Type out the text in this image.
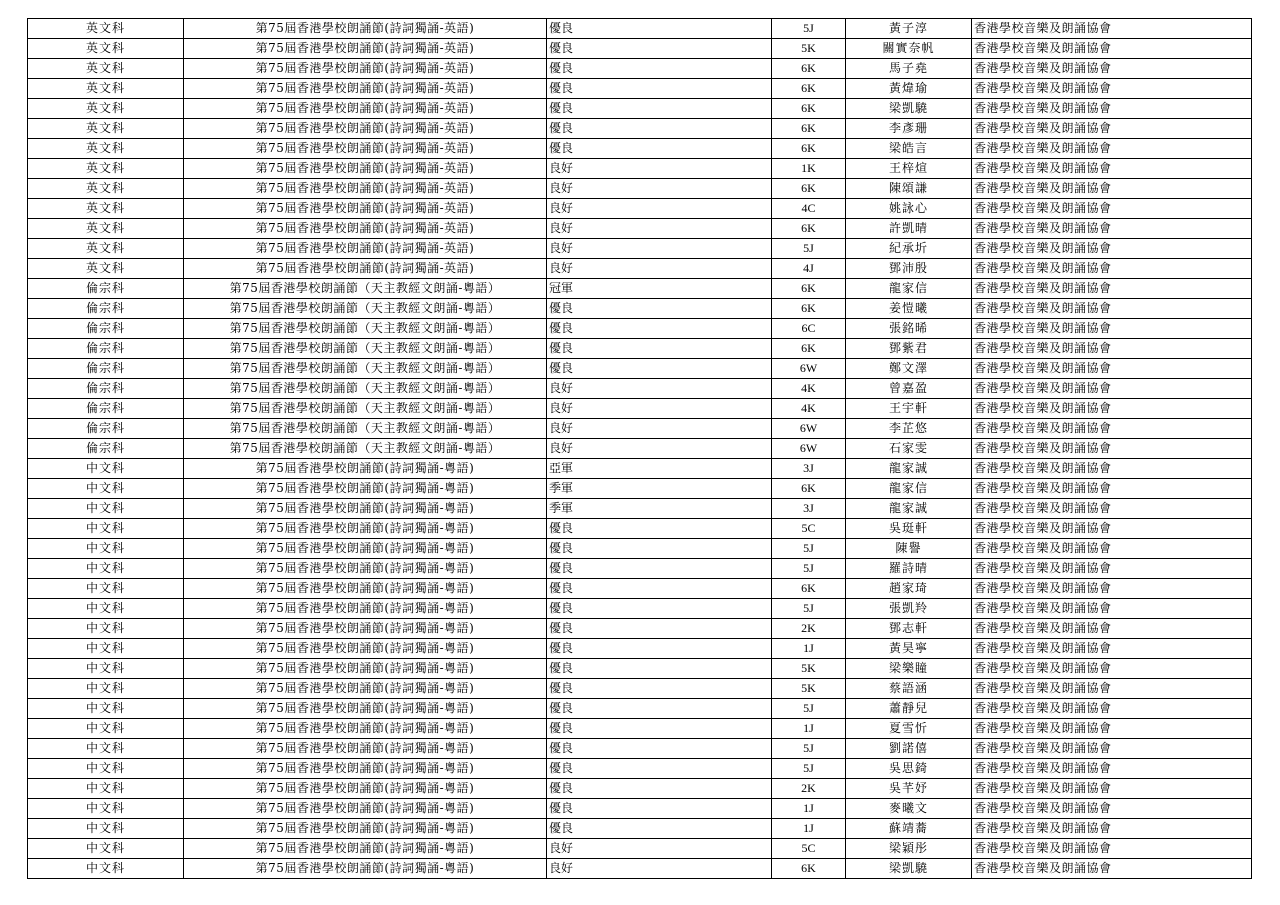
英文科	第75屆香港學校朗誦節(詩詞獨誦-英語)	優良	5J	黃子淳	香港學校音樂及朗誦協會
英文科	第75屆香港學校朗誦節(詩詞獨誦-英語)	優良	5K	關實奈帆	香港學校音樂及朗誦協會
英文科	第75屆香港學校朗誦節(詩詞獨誦-英語)	優良	6K	馬子堯	香港學校音樂及朗誦協會
英文科	第75屆香港學校朗誦節(詩詞獨誦-英語)	優良	6K	黃煒瑜	香港學校音樂及朗誦協會
英文科	第75屆香港學校朗誦節(詩詞獨誦-英語)	優良	6K	梁凱驍	香港學校音樂及朗誦協會
英文科	第75屆香港學校朗誦節(詩詞獨誦-英語)	優良	6K	李彥珊	香港學校音樂及朗誦協會
英文科	第75屆香港學校朗誦節(詩詞獨誦-英語)	優良	6K	梁皓言	香港學校音樂及朗誦協會
英文科	第75屆香港學校朗誦節(詩詞獨誦-英語)	良好	1K	王梓煊	香港學校音樂及朗誦協會
英文科	第75屆香港學校朗誦節(詩詞獨誦-英語)	良好	6K	陳頌謙	香港學校音樂及朗誦協會
英文科	第75屆香港學校朗誦節(詩詞獨誦-英語)	良好	4C	姚詠心	香港學校音樂及朗誦協會
英文科	第75屆香港學校朗誦節(詩詞獨誦-英語)	良好	6K	許凱晴	香港學校音樂及朗誦協會
英文科	第75屆香港學校朗誦節(詩詞獨誦-英語)	良好	5J	紀承圻	香港學校音樂及朗誦協會
英文科	第75屆香港學校朗誦節(詩詞獨誦-英語)	良好	4J	鄧沛殷	香港學校音樂及朗誦協會
倫宗科	第75屆香港學校朗誦節（天主教經文朗誦-粵語）	冠軍	6K	龍家信	香港學校音樂及朗誦協會
倫宗科	第75屆香港學校朗誦節（天主教經文朗誦-粵語）	優良	6K	姜愷曦	香港學校音樂及朗誦協會
倫宗科	第75屆香港學校朗誦節（天主教經文朗誦-粵語）	優良	6C	張銘晞	香港學校音樂及朗誦協會
倫宗科	第75屆香港學校朗誦節（天主教經文朗誦-粵語）	優良	6K	鄧紫君	香港學校音樂及朗誦協會
倫宗科	第75屆香港學校朗誦節（天主教經文朗誦-粵語）	優良	6W	鄭文澤	香港學校音樂及朗誦協會
倫宗科	第75屆香港學校朗誦節（天主教經文朗誦-粵語）	良好	4K	曾嘉盈	香港學校音樂及朗誦協會
倫宗科	第75屆香港學校朗誦節（天主教經文朗誦-粵語）	良好	4K	王宇軒	香港學校音樂及朗誦協會
倫宗科	第75屆香港學校朗誦節（天主教經文朗誦-粵語）	良好	6W	李芷悠	香港學校音樂及朗誦協會
倫宗科	第75屆香港學校朗誦節（天主教經文朗誦-粵語）	良好	6W	石家雯	香港學校音樂及朗誦協會
中文科	第75屆香港學校朗誦節(詩詞獨誦-粵語)	亞軍	3J	龍家誠	香港學校音樂及朗誦協會
中文科	第75屆香港學校朗誦節(詩詞獨誦-粵語)	季軍	6K	龍家信	香港學校音樂及朗誦協會
中文科	第75屆香港學校朗誦節(詩詞獨誦-粵語)	季軍	3J	龍家誠	香港學校音樂及朗誦協會
中文科	第75屆香港學校朗誦節(詩詞獨誦-粵語)	優良	5C	吳珽軒	香港學校音樂及朗誦協會
中文科	第75屆香港學校朗誦節(詩詞獨誦-粵語)	優良	5J	陳譽	香港學校音樂及朗誦協會
中文科	第75屆香港學校朗誦節(詩詞獨誦-粵語)	優良	5J	羅詩晴	香港學校音樂及朗誦協會
中文科	第75屆香港學校朗誦節(詩詞獨誦-粵語)	優良	6K	趙家琦	香港學校音樂及朗誦協會
中文科	第75屆香港學校朗誦節(詩詞獨誦-粵語)	優良	5J	張凱羚	香港學校音樂及朗誦協會
中文科	第75屆香港學校朗誦節(詩詞獨誦-粵語)	優良	2K	鄧志軒	香港學校音樂及朗誦協會
中文科	第75屆香港學校朗誦節(詩詞獨誦-粵語)	優良	1J	黃昊寧	香港學校音樂及朗誦協會
中文科	第75屆香港學校朗誦節(詩詞獨誦-粵語)	優良	5K	梁樂瞳	香港學校音樂及朗誦協會
中文科	第75屆香港學校朗誦節(詩詞獨誦-粵語)	優良	5K	蔡語涵	香港學校音樂及朗誦協會
中文科	第75屆香港學校朗誦節(詩詞獨誦-粵語)	優良	5J	蕭靜兒	香港學校音樂及朗誦協會
中文科	第75屆香港學校朗誦節(詩詞獨誦-粵語)	優良	1J	夏雪忻	香港學校音樂及朗誦協會
中文科	第75屆香港學校朗誦節(詩詞獨誦-粵語)	優良	5J	劉諾僖	香港學校音樂及朗誦協會
中文科	第75屆香港學校朗誦節(詩詞獨誦-粵語)	優良	5J	吳思錡	香港學校音樂及朗誦協會
中文科	第75屆香港學校朗誦節(詩詞獨誦-粵語)	優良	2K	吳芊妤	香港學校音樂及朗誦協會
中文科	第75屆香港學校朗誦節(詩詞獨誦-粵語)	優良	1J	麥曦文	香港學校音樂及朗誦協會
中文科	第75屆香港學校朗誦節(詩詞獨誦-粵語)	優良	1J	蘇靖蕎	香港學校音樂及朗誦協會
中文科	第75屆香港學校朗誦節(詩詞獨誦-粵語)	良好	5C	梁穎彤	香港學校音樂及朗誦協會
中文科	第75屆香港學校朗誦節(詩詞獨誦-粵語)	良好	6K	梁凱驍	香港學校音樂及朗誦協會
